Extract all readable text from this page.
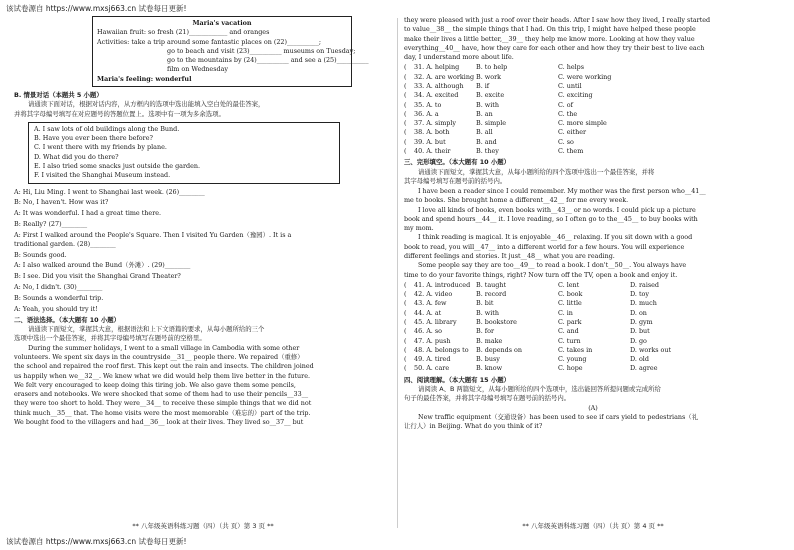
该试卷源自 https://www.mxsj663.cn 试卷每日更新!
该试卷源自 https://www.mxsj663.cn 试卷每日更新!
Maria's vacation
Hawaiian fruit: so fresh (21)____________ and oranges
Activities: take a trip around some fantastic places on (22)__________;
go to beach and visit (23)__________ museums on Tuesday;
go to the mountains by (24)__________ and see a (25)__________
film on Wednesday
Maria's feeling: wonderful
B. 情景对话（本题共 5 小题）
请通读下面对话，根据对话内容，从方框内的选项中选出能填入空白处的最佳答案，
并将其字母编号填写在对应题号的答题位置上。选项中有一项为多余选项。
A. I saw lots of old buildings along the Bund.
B. Have you ever been there before?
C. I went there with my friends by plane.
D. What did you do there?
E. I also tried some snacks just outside the garden.
F. I visited the Shanghai Museum instead.
A: Hi, Liu Ming. I went to Shanghai last week. (26)________
B: No, I haven't. How was it?
A: It was wonderful. I had a great time there.
B: Really? (27)________
A: First I walked around the People's Square. Then I visited Yu Garden（豫园）. It is a
traditional garden. (28)________
B: Sounds good.
A: I also walked around the Bund（外滩）. (29)________
B: I see. Did you visit the Shanghai Grand Theater?
A: No, I didn't. (30)________
B: Sounds a wonderful trip.
A: Yeah, you should try it!
二、语法选择。（本大题有 10 小题）
请通读下面短文，掌握其大意，根据语法和上下文语篇的要求，从每小题所给的三个
选项中选出一个最佳答案，并将其字母编号填写在题号前的空格里。
During the summer holidays, I went to a small village in Cambodia with some other
volunteers. We spent six days in the countryside__31__ people there. We repaired（重修）
the school and repaired the roof first. This kept out the rain and insects. The children joined
us happily when we__32__. We knew what we did would help them live better in the future.
We felt very encouraged to keep doing this tiring job. We also gave them some pencils,
erasers and notebooks. We were shocked that some of them had to use their pencils__33__
they were too short to hold. They were__34__ to receive these simple things that we did not
think much__35__ that. The home visits were the most memorable（难忘的）part of the trip.
We bought food to the villagers and had__36__ look at their lives. They lived so__37__ but
** 八年级英语科练习题（四）（共 页）第 3 页 **
they were pleased with just a roof over their heads. After I saw how they lived, I really started
to value__38__ the simple things that I had. On this trip, I might have helped these people
make their lives a little better,__39__ they help me know more. Looking at how they value
everything__40__ have, how they care for each other and how they try their best to live each
day, I understand more about life.
(	31. A. helping	B. to help	C. helps
(	32. A. are working B. work	C. were working
(	33. A. although	B. if	C. until
(	34. A. excited	B. excite	C. exciting
(	35. A. to	B. with	C. of
(	36. A. a	B. an	C. the
(	37. A. simply	B. simple	C. more simple
(	38. A. both	B. all	C. either
(	39. A. but	B. and	C. so
(	40. A. their	B. they	C. them
三、完形填空。（本大题有 10 小题）
请通读下面短文，掌握其大意，从每小题所给的四个选项中选出一个最佳答案，并将
其字母编号填写在题号前的括号内。
I have been a reader since I could remember. My mother was the first person who__41__
me to books. She brought home a different__42__ for me every week.
I love all kinds of books, even books with__43__ or no words. I could pick up a picture
book and spend hours__44__ it. I love reading, so I often go to the__45__ to buy books with
my mom.
I think reading is magical. It is enjoyable__46__ relaxing. If you sit down with a good
book to read, you will__47__ into a different world for a few hours. You will experience
different feelings and stories. It just__48__ what you are reading.
Some people say they are too__49__ to read a book. I don't__50__. You always have
time to do your favorite things, right? Now turn off the TV, open a book and enjoy it.
(	41. A. introduced B. taught	C. lent	D. raised
(	42. A. video	B. record	C. book	D. toy
(	43. A. few	B. bit	C. little	D. much
(	44. A. at	B. with	C. in	D. on
(	45. A. library	B. bookstore	C. park	D. gym
(	46. A. so	B. for	C. and	D. but
(	47. A. push	B. make	C. turn	D. go
(	48. A. belongs to	B. depends on	C. takes in	D. works out
(	49. A. tired	B. busy	C. young	D. old
(	50. A. care	B. know	C. hope	D. agree
四、阅读理解。（本大题有 15 小题）
请阅读 A、B 两篇短文，从每小题所给的四个选项中，选出能回答所提问题或完成所给
句子的最佳答案，并将其字母编号填写在题号前的括号内。
(A)
New traffic equipment（交通设备）has been used to see if cars yield to pedestrians（礼
让行人）in Beijing. What do you think of it?
** 八年级英语科练习题（四）（共 页）第 4 页 **
